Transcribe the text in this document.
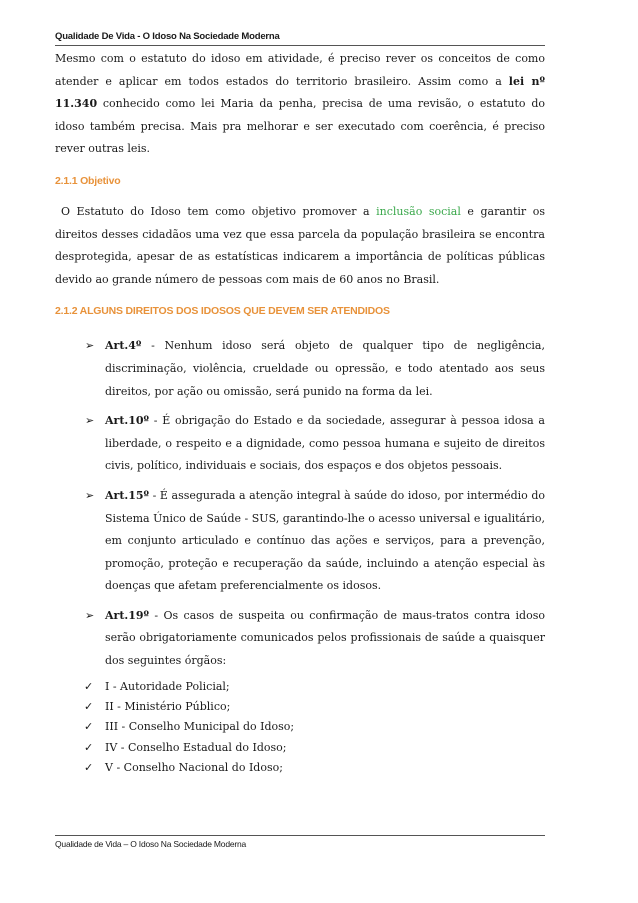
Qualidade De Vida - O Idoso Na Sociedade Moderna

Mesmo com o estatuto do idoso em atividade, é preciso rever os conceitos de como atender e aplicar em todos estados do territorio brasileiro. Assim como a lei nº 11.340 conhecido como lei Maria da penha, precisa de uma revisão, o estatuto do idoso também precisa. Mais pra melhorar e ser executado com coerência, é preciso rever outras leis.

2.1.1 Objetivo

O Estatuto do Idoso tem como objetivo promover a inclusão social e garantir os direitos desses cidadãos uma vez que essa parcela da população brasileira se encontra desprotegida, apesar de as estatísticas indicarem a importância de políticas públicas devido ao grande número de pessoas com mais de 60 anos no Brasil.

2.1.2 ALGUNS DIREITOS DOS IDOSOS QUE DEVEM SER ATENDIDOS
➢ Art.4º - Nenhum idoso será objeto de qualquer tipo de negligência, discriminação, violência, crueldade ou opressão, e todo atentado aos seus direitos, por ação ou omissão, será punido na forma da lei.

➢ Art.10º - É obrigação do Estado e da sociedade, assegurar à pessoa idosa a liberdade, o respeito e a dignidade, como pessoa humana e sujeito de direitos civis, político, individuais e sociais, dos espaços e dos objetos pessoais.

➢ Art.15º - É assegurada a atenção integral à saúde do idoso, por intermédio do Sistema Único de Saúde - SUS, garantindo-lhe o acesso universal e igualitário, em conjunto articulado e contínuo das ações e serviços, para a prevenção, promoção, proteção e recuperação da saúde, incluindo a atenção especial às doenças que afetam preferencialmente os idosos.

➢ Art.19º - Os casos de suspeita ou confirmação de maus-tratos contra idoso serão obrigatoriamente comunicados pelos profissionais de saúde a quaisquer dos seguintes órgãos:

✓ I - Autoridade Policial;
✓ II - Ministério Público;
✓ III - Conselho Municipal do Idoso;
✓ IV - Conselho Estadual do Idoso;
✓ V - Conselho Nacional do Idoso;
Qualidade de Vida – O Idoso Na Sociedade Moderna
